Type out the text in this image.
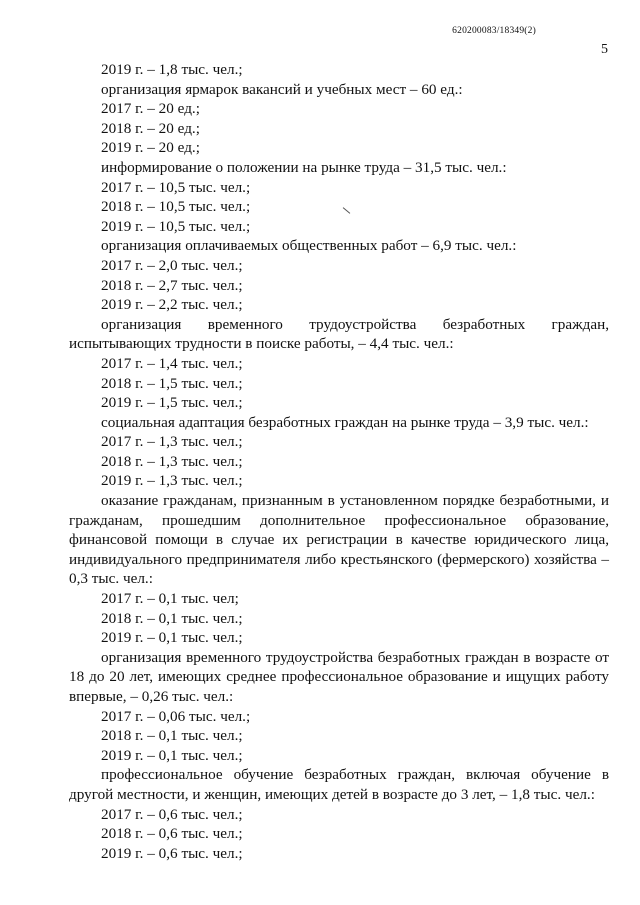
620200083/18349(2)
5

2019 г. – 1,8 тыс. чел.;

организация ярмарок вакансий и учебных мест – 60 ед.:

2017 г. – 20 ед.;

2018 г. – 20 ед.;

2019 г. – 20 ед.;

информирование о положении на рынке труда – 31,5 тыс. чел.:

2017 г. – 10,5 тыс. чел.;

2018 г. – 10,5 тыс. чел.;

2019 г. – 10,5 тыс. чел.;

организация оплачиваемых общественных работ – 6,9 тыс. чел.:

2017 г. – 2,0 тыс. чел.;

2018 г. – 2,7 тыс. чел.;

2019 г. – 2,2 тыс. чел.;

организация временного трудоустройства безработных граждан, испытывающих трудности в поиске работы, – 4,4 тыс. чел.:

2017 г. – 1,4 тыс. чел.;

2018 г. – 1,5 тыс. чел.;

2019 г. – 1,5 тыс. чел.;

социальная адаптация безработных граждан на рынке труда – 3,9 тыс. чел.:

2017 г. – 1,3 тыс. чел.;

2018 г. – 1,3 тыс. чел.;

2019 г. – 1,3 тыс. чел.;

оказание гражданам, признанным в установленном порядке безработными, и гражданам, прошедшим дополнительное профессиональное образование, финансовой помощи в случае их регистрации в качестве юридического лица, индивидуального предпринимателя либо крестьянского (фермерского) хозяйства – 0,3 тыс. чел.:

2017 г. – 0,1 тыс. чел;

2018 г. – 0,1 тыс. чел.;

2019 г. – 0,1 тыс. чел.;

организация временного трудоустройства безработных граждан в возрасте от 18 до 20 лет, имеющих среднее профессиональное образование и ищущих работу впервые, – 0,26 тыс. чел.:

2017 г. – 0,06 тыс. чел.;

2018 г. – 0,1 тыс. чел.;

2019 г. – 0,1 тыс. чел.;

профессиональное обучение безработных граждан, включая обучение в другой местности, и женщин, имеющих детей в возрасте до 3 лет, – 1,8 тыс. чел.:

2017 г. – 0,6 тыс. чел.;

2018 г. – 0,6 тыс. чел.;

2019 г. – 0,6 тыс. чел.;
